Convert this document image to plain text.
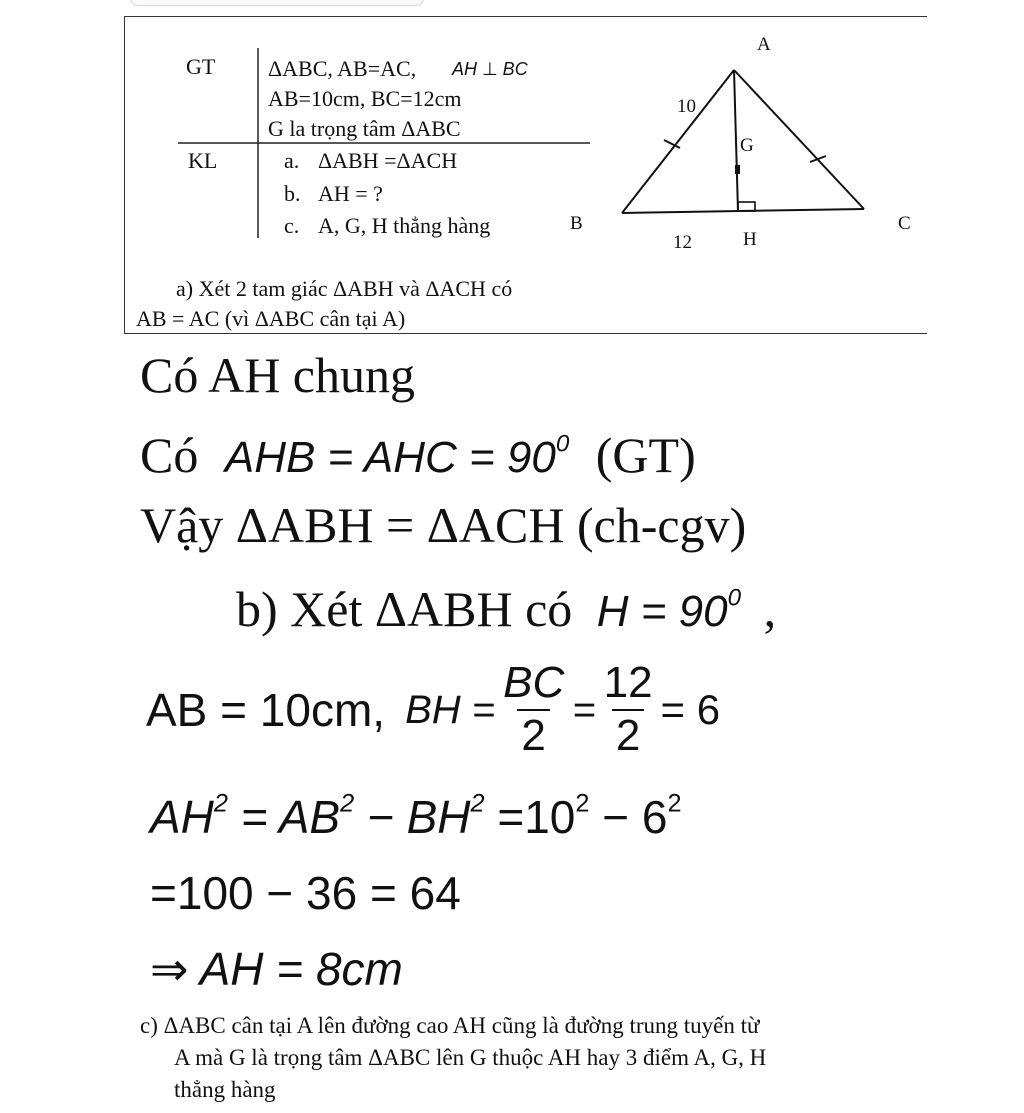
GT ΔABC, AB=AC, AH ⊥ BC
AB=10cm, BC=12cm
G la trọng tâm ΔABC
KL	a. ΔABH =ΔACH
b. AH = ?
c. A, G, H thẳng hàng
A
B	C
G
H
10
12
a) Xét 2 tam giác ΔABH và ΔACH có
AB = AC (vì ΔABC cân tại A)
Có AH chung
Có AHB = AHC = $90^0$ (GT)
Vậy ΔABH = ΔACH (ch-cgv)
b) Xét ΔABH có $H = 90^0$ ,
AB = 10cm, BH = $\frac{BC}{2} = \frac{12}{2} = 6$
$AH^2 = AB^2 - BH^2 =10^2 - 6^2$
=100 − 36 = 64
⇒ AH = 8cm
c) ΔABC cân tại A lên đường cao AH cũng là đường trung tuyến từ
A mà G là trọng tâm ΔABC lên G thuộc AH hay 3 điểm A, G, H
thẳng hàng
